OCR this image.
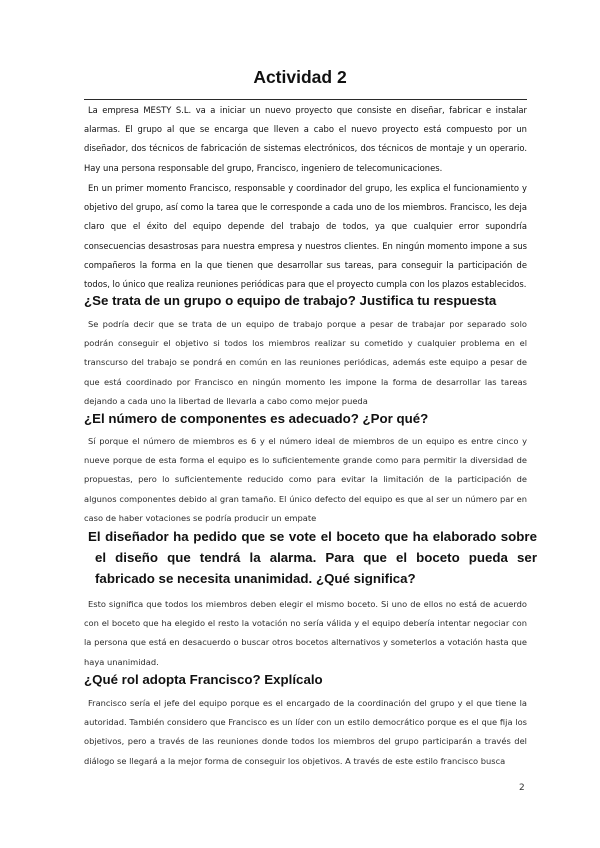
Actividad 2

La empresa MESTY S.L. va a iniciar un nuevo proyecto que consiste en diseñar, fabricar e instalar alarmas. El grupo al que se encarga que lleven a cabo el nuevo proyecto está compuesto por un diseñador, dos técnicos de fabricación de sistemas electrónicos, dos técnicos de montaje y un operario. Hay una persona responsable del grupo, Francisco, ingeniero de telecomunicaciones.

En un primer momento Francisco, responsable y coordinador del grupo, les explica el funcionamiento y objetivo del grupo, así como la tarea que le corresponde a cada uno de los miembros. Francisco, les deja claro que el éxito del equipo depende del trabajo de todos, ya que cualquier error supondría consecuencias desastrosas para nuestra empresa y nuestros clientes. En ningún momento impone a sus compañeros la forma en la que tienen que desarrollar sus tareas, para conseguir la participación de todos, lo único que realiza reuniones periódicas para que el proyecto cumpla con los plazos establecidos.

¿Se trata de un grupo o equipo de trabajo? Justifica tu respuesta

Se podría decir que se trata de un equipo de trabajo porque a pesar de trabajar por separado solo podrán conseguir el objetivo si todos los miembros realizar su cometido y cualquier problema en el transcurso del trabajo se pondrá en común en las reuniones periódicas, además este equipo a pesar de que está coordinado por Francisco en ningún momento les impone la forma de desarrollar las tareas dejando a cada uno la libertad de llevarla a cabo como mejor pueda

¿El número de componentes es adecuado? ¿Por qué?

Sí porque el número de miembros es 6 y el número ideal de miembros de un equipo es entre cinco y nueve porque de esta forma el equipo es lo suficientemente grande como para permitir la diversidad de propuestas, pero lo suficientemente reducido como para evitar la limitación de la participación de algunos componentes debido al gran tamaño. El único defecto del equipo es que al ser un número par en caso de haber votaciones se podría producir un empate

El diseñador ha pedido que se vote el boceto que ha elaborado sobre el diseño que tendrá la alarma. Para que el boceto pueda ser fabricado se necesita unanimidad. ¿Qué significa?

Esto significa que todos los miembros deben elegir el mismo boceto. Si uno de ellos no está de acuerdo con el boceto que ha elegido el resto la votación no sería válida y el equipo debería intentar negociar con la persona que está en desacuerdo o buscar otros bocetos alternativos y someterlos a votación hasta que haya unanimidad.

¿Qué rol adopta Francisco? Explícalo

Francisco sería el jefe del equipo porque es el encargado de la coordinación del grupo y el que tiene la autoridad. También considero que Francisco es un líder con un estilo democrático porque es el que fija los objetivos, pero a través de las reuniones donde todos los miembros del grupo participarán a través del diálogo se llegará a la mejor forma de conseguir los objetivos. A través de este estilo francisco busca

2
